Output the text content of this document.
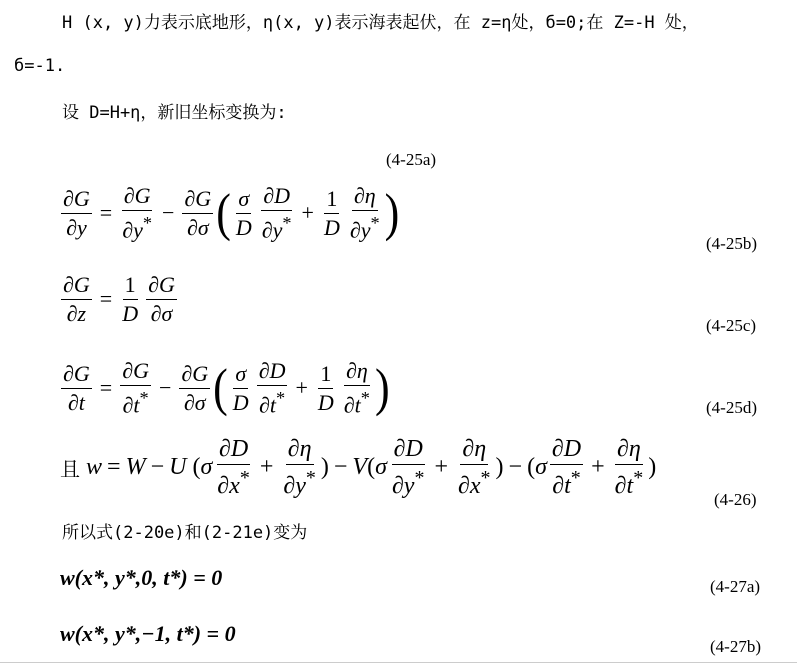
H (x, y)力表示底地形，η(x, y)表示海表起伏，在 z=η处，б=0;在 Z=-H 处，
б=-1.
设 D=H+η，新旧坐标变换为:
(4-25a)
$\frac{\partial G}{\partial y} = \frac{\partial G}{\partial y^*} - \frac{\partial G}{\partial\sigma}$ ( $\frac{\sigma}{D} \frac{\partial D}{\partial y^*} + \frac{1}{D} \frac{\partial\eta}{\partial y^*}$ )
(4-25b)
$\frac{\partial G}{\partial z} = \frac{1}{D} \frac{\partial G}{\partial\sigma}$
(4-25c)
$\frac{\partial G}{\partial t} = \frac{\partial G}{\partial t^*} - \frac{\partial G}{\partial\sigma}$ ( $\frac{\sigma}{D} \frac{\partial D}{\partial t^*} + \frac{1}{D} \frac{\partial\eta}{\partial t^*}$ )	(4-25d)
且 w = W − U ( σ $\frac{\partial D}{\partial x^*} + \frac{\partial\eta}{\partial y^*}$ ) − V ( σ $\frac{\partial D}{\partial y^*} + \frac{\partial\eta}{\partial x^*}$ ) − ( σ $\frac{\partial D}{\partial t^*} + \frac{\partial\eta}{\partial t^*}$ )
(4-26)
所以式(2-20e)和(2-21e)变为
w(x*, y*,0, t*) = 0	(4-27a)
w(x*, y*,−1, t*) = 0
(4-27b)
